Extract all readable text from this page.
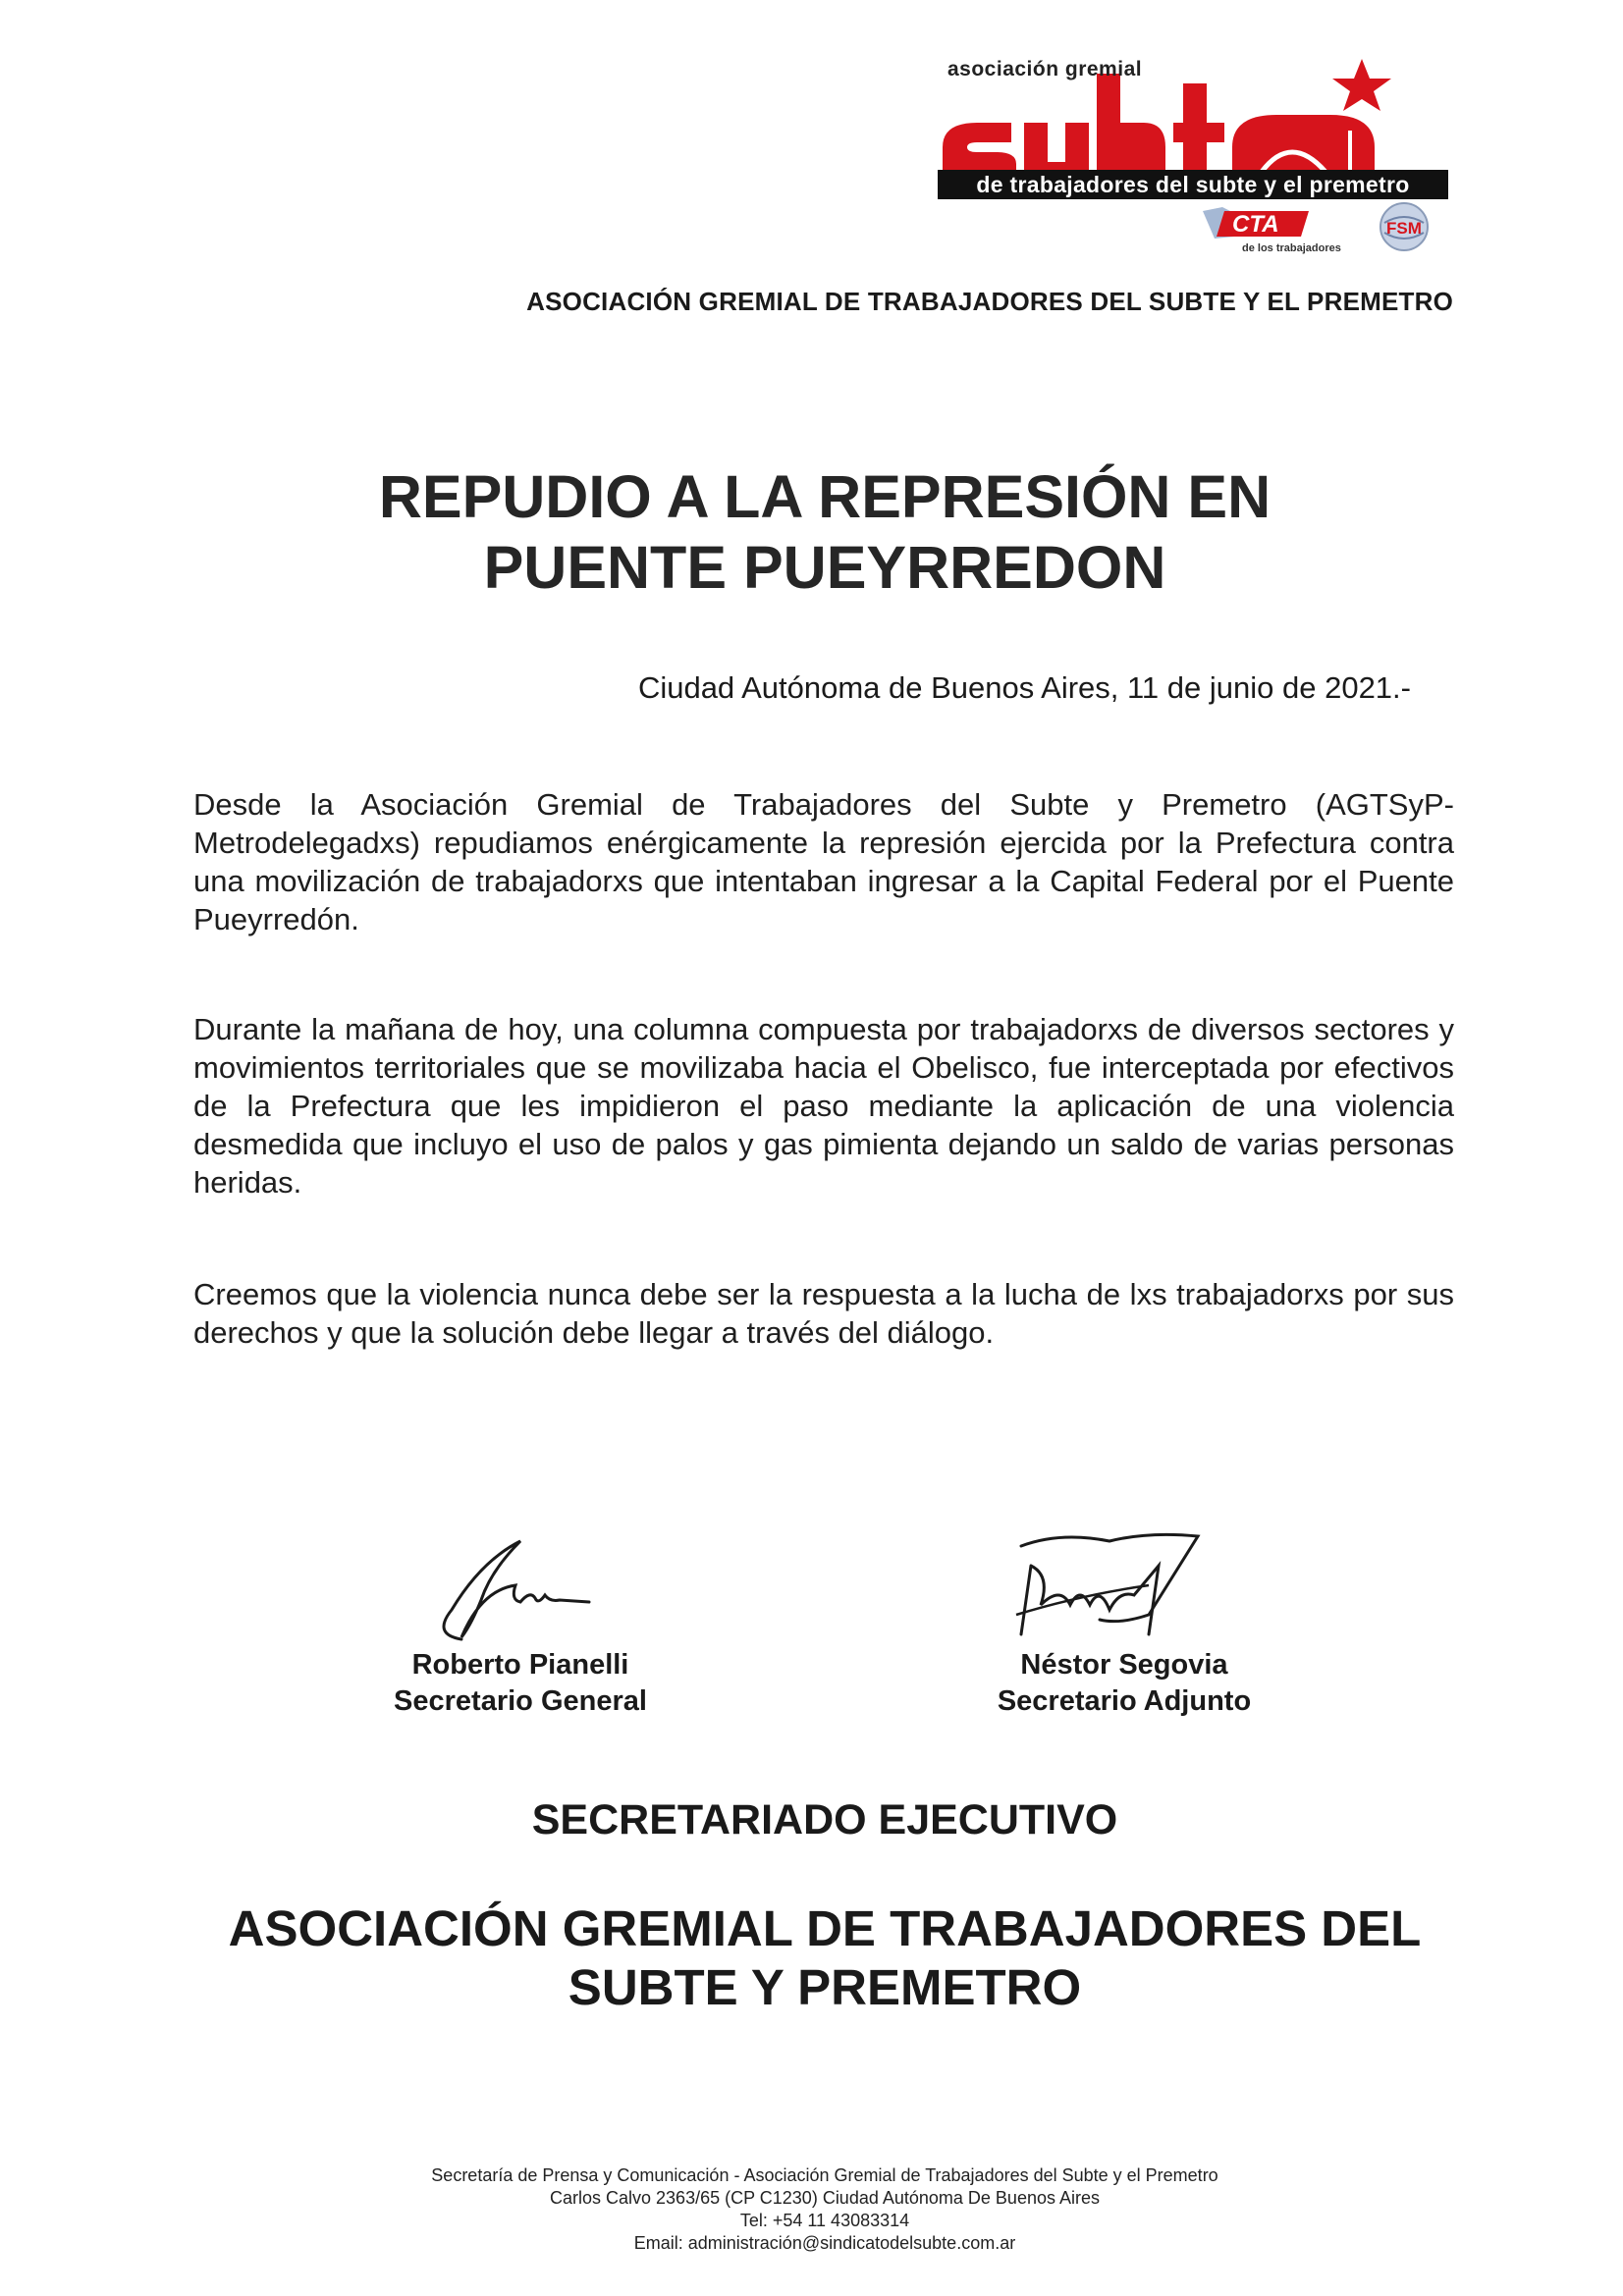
asociación gremial
de trabajadores del subte y el premetro
CTA
de los trabajadores
FSM
ASOCIACIÓN GREMIAL DE TRABAJADORES DEL SUBTE Y EL PREMETRO
REPUDIO A LA REPRESIÓN EN
PUENTE PUEYRREDON
Ciudad Autónoma de Buenos Aires, 11 de junio de 2021.-
Desde la Asociación Gremial de Trabajadores del Subte y Premetro (AGTSyP-Metrodelegadxs) repudiamos enérgicamente la represión ejercida por la Prefectura contra una movilización de trabajadorxs que intentaban ingresar a la Capital Federal por el Puente Pueyrredón.
Durante la mañana de hoy, una columna compuesta por trabajadorxs de diversos sectores y movimientos territoriales que se movilizaba hacia el Obelisco, fue interceptada por efectivos de la Prefectura que les impidieron el paso mediante la aplicación de una violencia desmedida que incluyo el uso de palos y gas pimienta dejando un saldo de varias personas heridas.
Creemos que la violencia nunca debe ser la respuesta a la lucha de lxs trabajadorxs por sus derechos y que la solución debe llegar a través del diálogo.
Roberto Pianelli
Secretario General
Néstor Segovia
Secretario Adjunto
SECRETARIADO EJECUTIVO
ASOCIACIÓN GREMIAL DE TRABAJADORES DEL
SUBTE Y PREMETRO
Secretaría de Prensa y Comunicación - Asociación Gremial de Trabajadores del Subte y el Premetro
Carlos Calvo 2363/65 (CP C1230) Ciudad Autónoma De Buenos Aires
Tel: +54 11 43083314
Email: administración@sindicatodelsubte.com.ar
